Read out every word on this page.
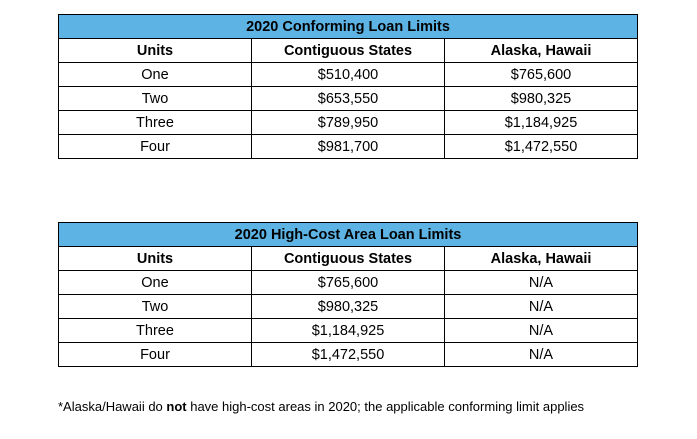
2020 Conforming Loan Limits		
Units	Contiguous States	Alaska, Hawaii
One	$510,400	$765,600
Two	$653,550	$980,325
Three	$789,950	$1,184,925
Four	$981,700	$1,472,550
2020 High-Cost Area Loan Limits		
Units	Contiguous States	Alaska, Hawaii
One	$765,600	N/A
Two	$980,325	N/A
Three	$1,184,925	N/A
Four	$1,472,550	N/A
*Alaska/Hawaii do not have high-cost areas in 2020; the applicable conforming limit applies
